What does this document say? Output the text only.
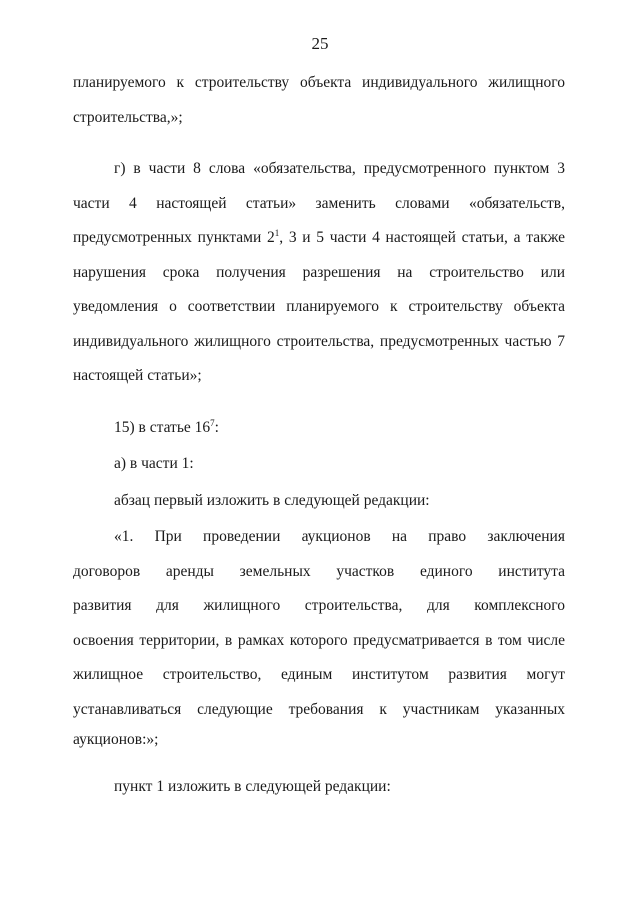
25
планируемого к строительству объекта индивидуального жилищного
строительства,»;
г) в части 8 слова «обязательства, предусмотренного пунктом 3
части 4 настоящей статьи» заменить словами «обязательств,
предусмотренных пунктами $2^1$, 3 и 5 части 4 настоящей статьи, а также
нарушения срока получения разрешения на строительство или
уведомления о соответствии планируемого к строительству объекта
индивидуального жилищного строительства, предусмотренных частью 7
настоящей статьи»;
15) в статье $16^7$:
а) в части 1:
абзац первый изложить в следующей редакции:
«1. При проведении аукционов на право заключения
договоров аренды земельных участков единого института
развития для жилищного строительства, для комплексного
освоения территории, в рамках которого предусматривается в том числе
жилищное строительство, единым институтом развития могут
устанавливаться следующие требования к участникам указанных
аукционов:»;
пункт 1 изложить в следующей редакции:
